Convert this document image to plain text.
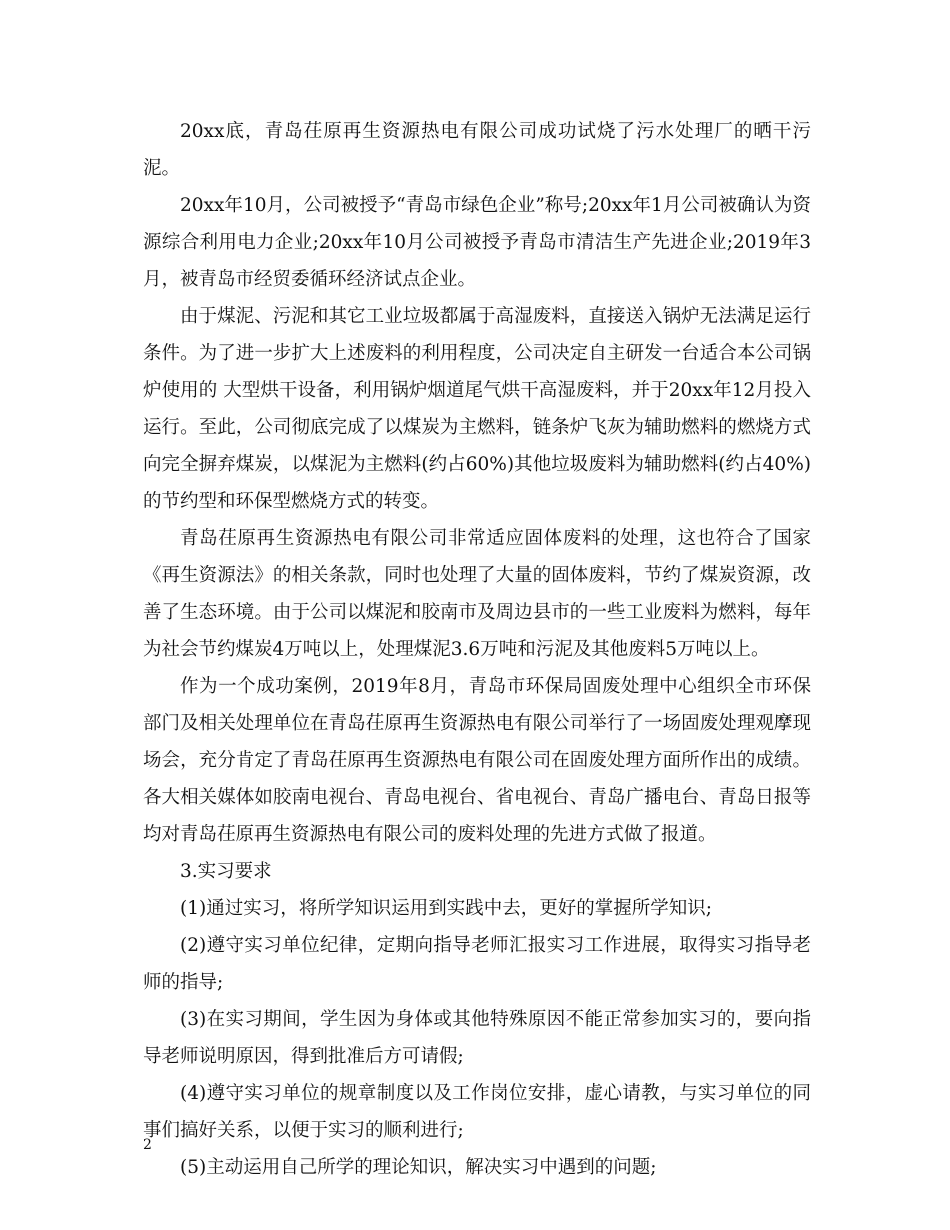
20xx底，青岛茌原再生资源热电有限公司成功试烧了污水处理厂的晒干污泥。

20xx年10月，公司被授予“青岛市绿色企业”称号;20xx年1月公司被确认为资源综合利用电力企业;20xx年10月公司被授予青岛市清洁生产先进企业;2019年3月，被青岛市经贸委循环经济试点企业。

由于煤泥、污泥和其它工业垃圾都属于高湿废料，直接送入锅炉无法满足运行条件。为了进一步扩大上述废料的利用程度，公司决定自主研发一台适合本公司锅炉使用的 大型烘干设备，利用锅炉烟道尾气烘干高湿废料，并于20xx年12月投入运行。至此，公司彻底完成了以煤炭为主燃料，链条炉飞灰为辅助燃料的燃烧方式向完全摒弃煤炭，以煤泥为主燃料(约占60%)其他垃圾废料为辅助燃料(约占40%)的节约型和环保型燃烧方式的转变。

青岛茌原再生资源热电有限公司非常适应固体废料的处理，这也符合了国家《再生资源法》的相关条款，同时也处理了大量的固体废料，节约了煤炭资源，改善了生态环境。由于公司以煤泥和胶南市及周边县市的一些工业废料为燃料，每年为社会节约煤炭4万吨以上，处理煤泥3.6万吨和污泥及其他废料5万吨以上。

作为一个成功案例，2019年8月，青岛市环保局固废处理中心组织全市环保部门及相关处理单位在青岛茌原再生资源热电有限公司举行了一场固废处理观摩现场会，充分肯定了青岛茌原再生资源热电有限公司在固废处理方面所作出的成绩。各大相关媒体如胶南电视台、青岛电视台、省电视台、青岛广播电台、青岛日报等均对青岛茌原再生资源热电有限公司的废料处理的先进方式做了报道。

3.实习要求

(1)通过实习，将所学知识运用到实践中去，更好的掌握所学知识;

(2)遵守实习单位纪律，定期向指导老师汇报实习工作进展，取得实习指导老师的指导;

(3)在实习期间，学生因为身体或其他特殊原因不能正常参加实习的，要向指导老师说明原因，得到批准后方可请假;

(4)遵守实习单位的规章制度以及工作岗位安排，虚心请教，与实习单位的同事们搞好关系，以便于实习的顺利进行;

(5)主动运用自己所学的理论知识，解决实习中遇到的问题;

2
